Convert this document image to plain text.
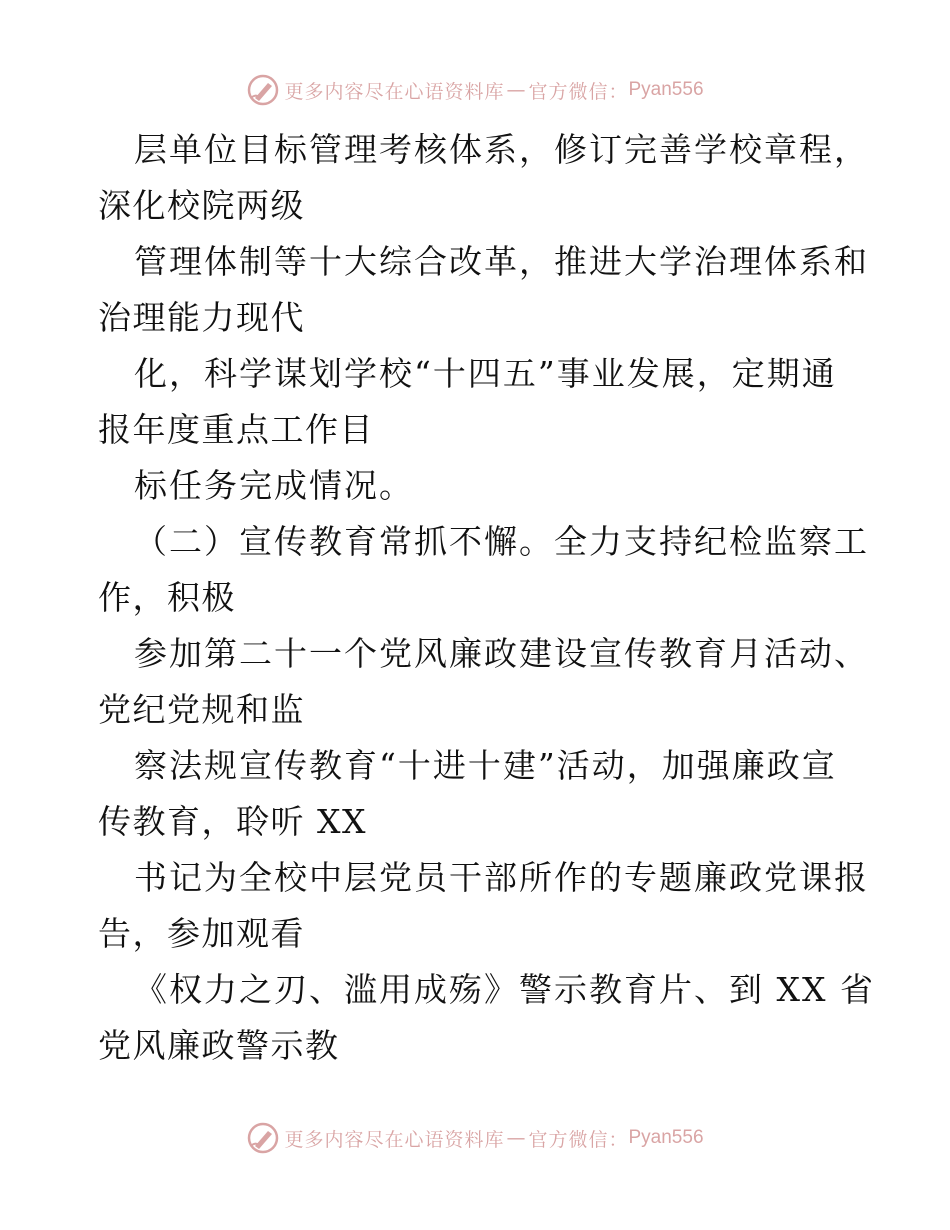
更多内容尽在心语资料库 — 官方微信： Pyan556

层单位目标管理考核体系，修订完善学校章程，
深化校院两级

管理体制等十大综合改革，推进大学治理体系和
治理能力现代

化，科学谋划学校“十四五”事业发展，定期通
报年度重点工作目

标任务完成情况。

（二）宣传教育常抓不懈。全力支持纪检监察工
作，积极

参加第二十一个党风廉政建设宣传教育月活动、
党纪党规和监

察法规宣传教育“十进十建”活动，加强廉政宣
传教育，聆听 XX

书记为全校中层党员干部所作的专题廉政党课报
告，参加观看

《权力之刃、滥用成殇》警示教育片、到 XX 省
党风廉政警示教

更多内容尽在心语资料库 — 官方微信： Pyan556
